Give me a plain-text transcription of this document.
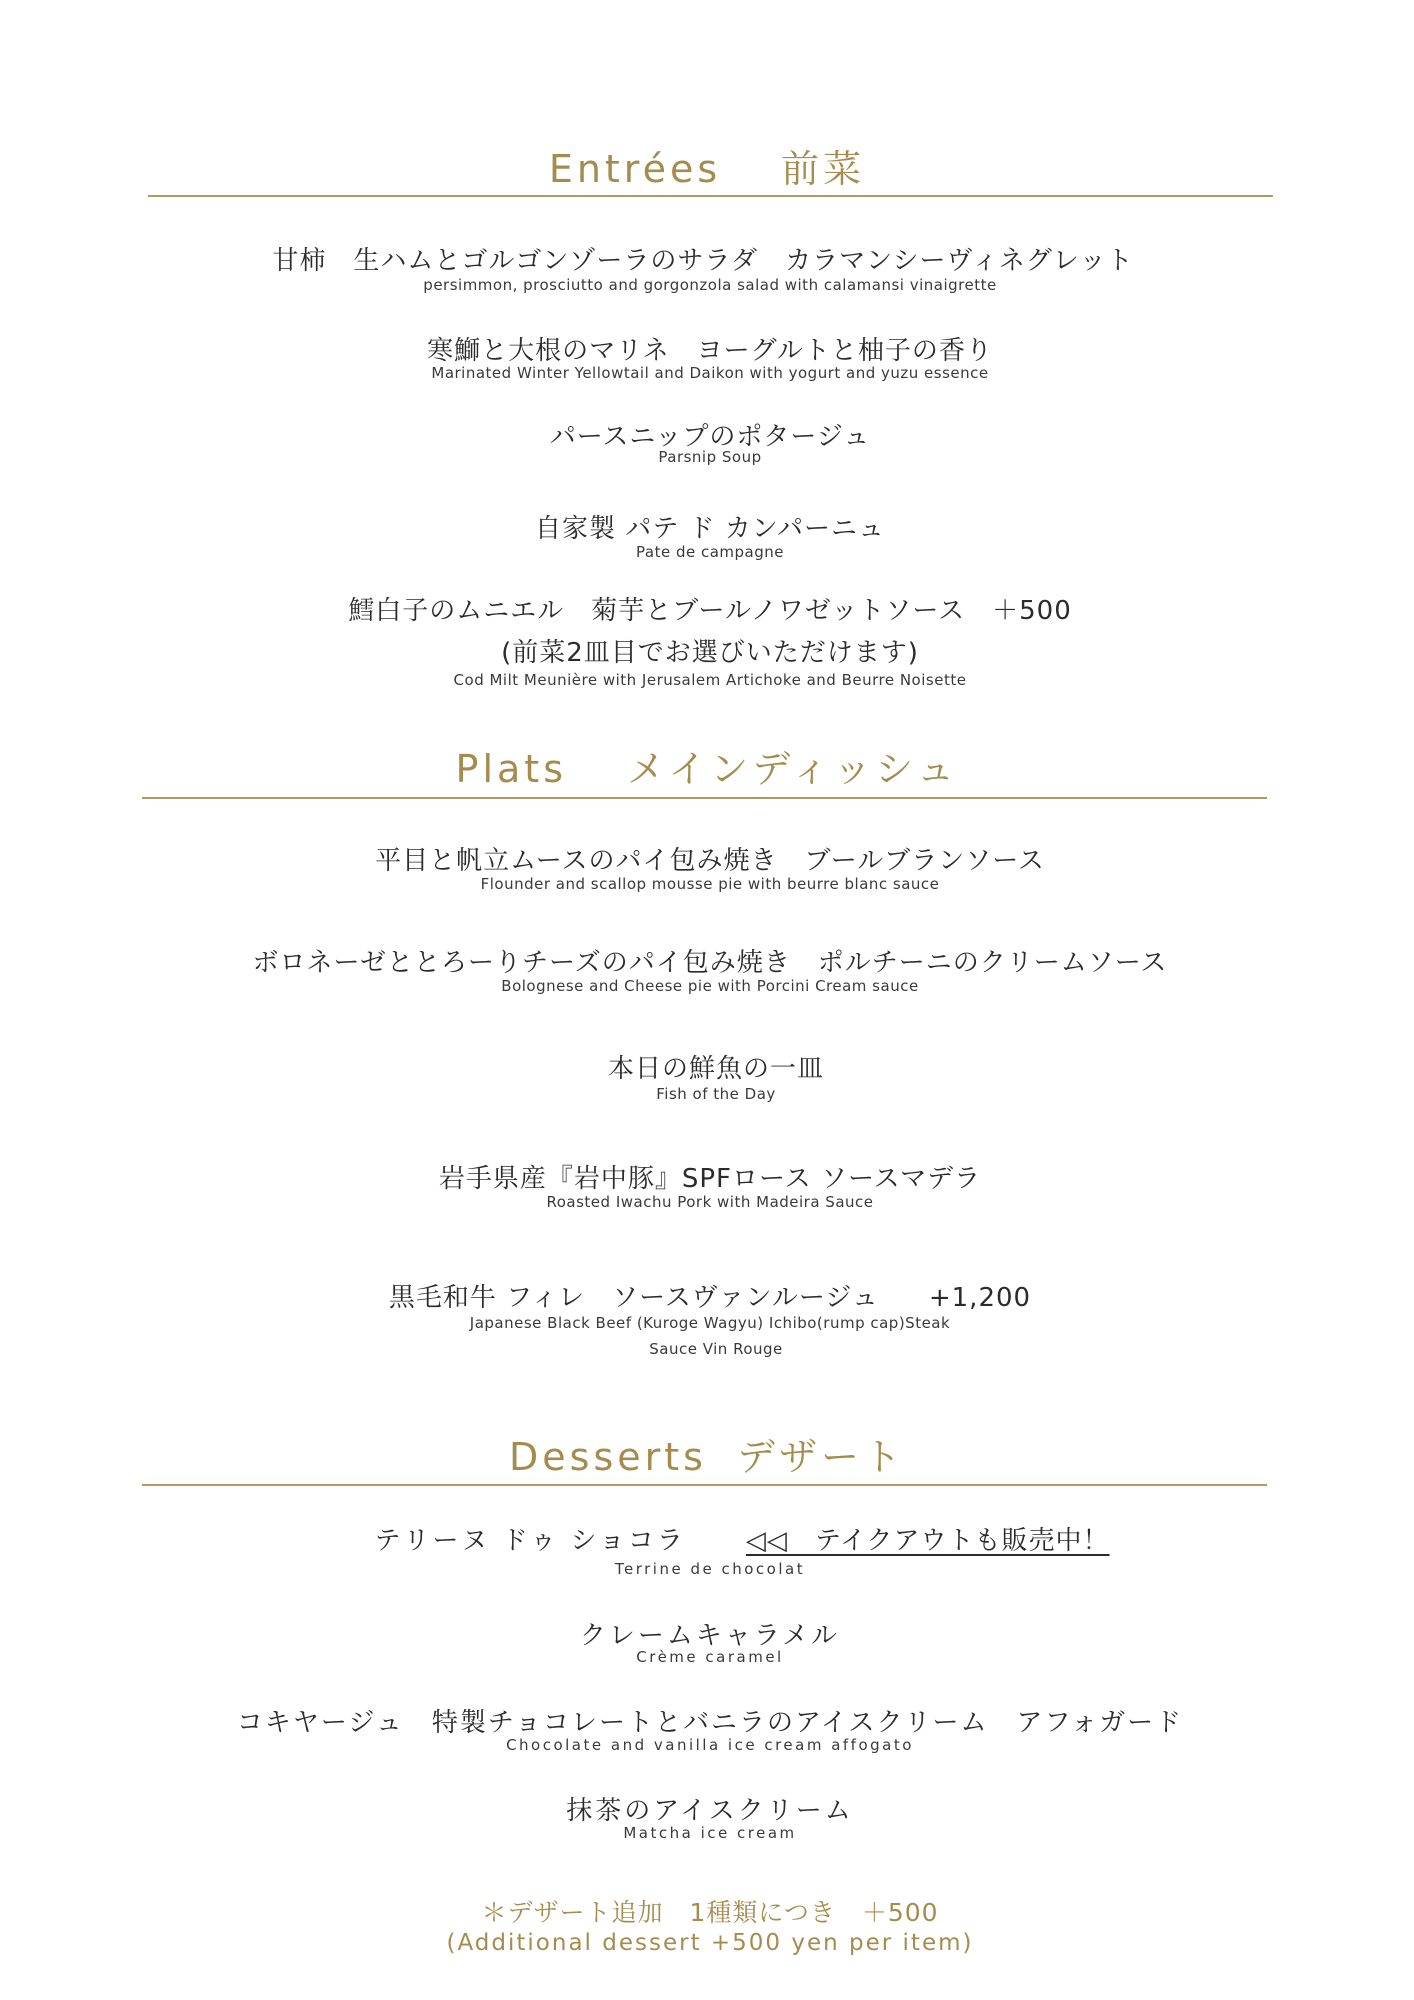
Entrées 前菜
甘柿　生ハムとゴルゴンゾーラのサラダ　カラマンシーヴィネグレット
persimmon, prosciutto and gorgonzola salad with calamansi vinaigrette
寒鰤と大根のマリネ　ヨーグルトと柚子の香り
Marinated Winter Yellowtail and Daikon with yogurt and yuzu essence
パースニップのポタージュ
Parsnip Soup
自家製 パテ ド カンパーニュ
Pate de campagne
鱈白子のムニエル　菊芋とブールノワゼットソース　＋500
(前菜2皿目でお選びいただけます)
Cod Milt Meunière with Jerusalem Artichoke and Beurre Noisette
Plats メインディッシュ
平目と帆立ムースのパイ包み焼き　ブールブランソース
Flounder and scallop mousse pie with beurre blanc sauce
ボロネーゼととろーりチーズのパイ包み焼き　ポルチーニのクリームソース
Bolognese and Cheese pie with Porcini Cream sauce
本日の鮮魚の一皿
Fish of the Day
岩手県産『岩中豚』SPFロース ソースマデラ
Roasted Iwachu Pork with Madeira Sauce
黒毛和牛 フィレ　ソースヴァンルージュ +1,200
Japanese Black Beef (Kuroge Wagyu) Ichibo(rump cap)Steak
Sauce Vin Rouge
Desserts デザート
テリーヌ ドゥ ショコラ ◁◁　テイクアウトも販売中！
Terrine de chocolat
クレームキャラメル
Crème caramel
コキヤージュ　特製チョコレートとバニラのアイスクリーム　アフォガード
Chocolate and vanilla ice cream affogato
抹茶のアイスクリーム
Matcha ice cream
＊デザート追加　1種類につき　＋500
(Additional dessert +500 yen per item)
